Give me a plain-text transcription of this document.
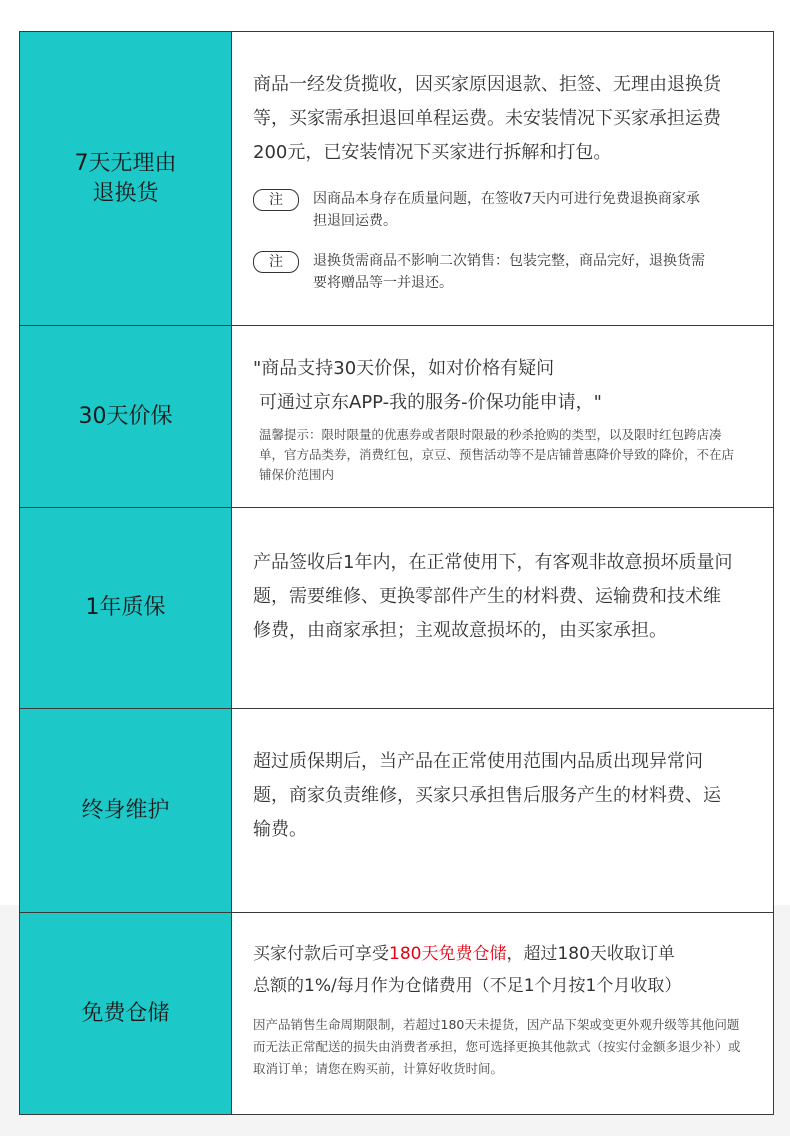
7天无理由
退换货
商品一经发货揽收，因买家原因退款、拒签、无理由退换货等，买家需承担退回单程运费。未安装情况下买家承担运费200元，已安装情况下买家进行拆解和打包。
注	因商品本身存在质量问题，在签收7天内可进行免费退换商家承担退回运费。
注	退换货需商品不影响二次销售：包装完整，商品完好，退换货需要将赠品等一并退还。
30天价保
"商品支持30天价保，如对价格有疑问
可通过京东APP-我的服务-价保功能申请，"
温馨提示：限时限量的优惠券或者限时限最的秒杀抢购的类型，以及限时红包跨店凑单，官方品类券，消费红包，京豆、预售活动等不是店铺普惠降价导致的降价，不在店铺保价范围内
1年质保
产品签收后1年内，在正常使用下，有客观非故意损坏质量问题，需要维修、更换零部件产生的材料费、运输费和技术维修费，由商家承担；主观故意损坏的，由买家承担。
终身维护
超过质保期后，当产品在正常使用范围内品质出现异常问题，商家负责维修，买家只承担售后服务产生的材料费、运输费。
免费仓储
买家付款后可享受180天免费仓储，超过180天收取订单
总额的1%/每月作为仓储费用（不足1个月按1个月收取）
因产品销售生命周期限制，若超过180天未提货，因产品下架或变更外观升级等其他问题而无法正常配送的损失由消费者承担，您可选择更换其他款式（按实付金额多退少补）或取消订单；请您在购买前，计算好收货时间。
